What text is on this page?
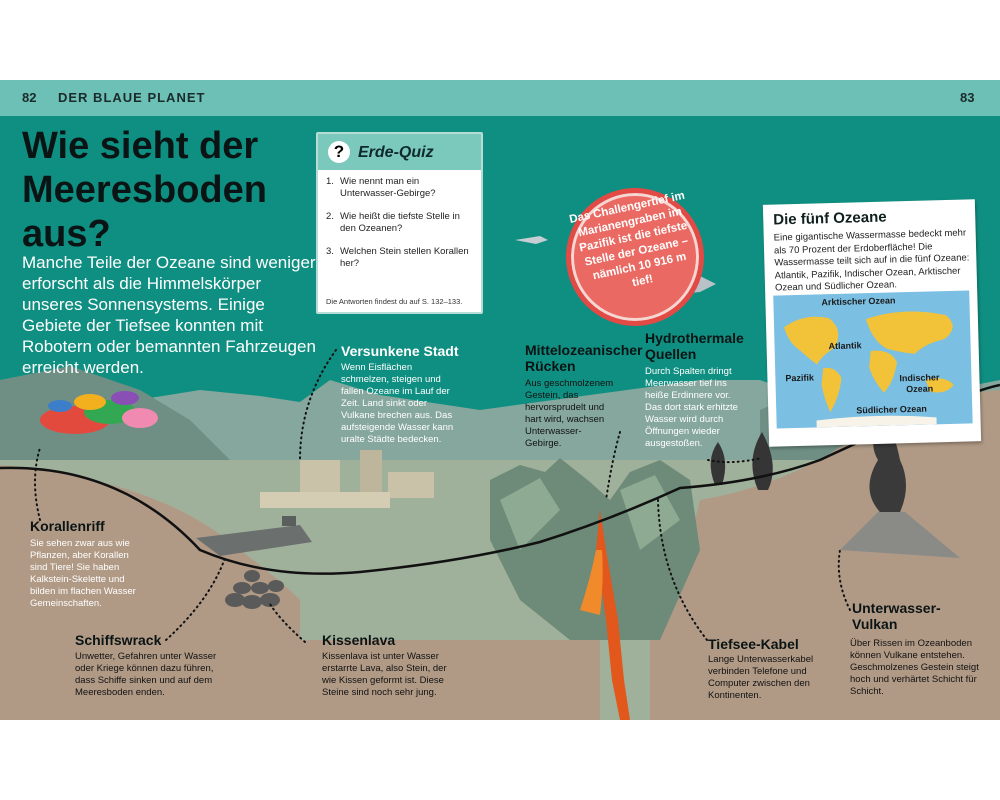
82 DER BLAUE PLANET	83
Wie sieht der Meeresboden aus?
Manche Teile der Ozeane sind weniger erforscht als die Himmelskörper unseres Sonnensystems. Einige Gebiete der Tiefsee konnten mit Robotern oder bemannten Fahrzeugen erreicht werden.
? Erde-Quiz
1. Wie nennt man ein Unterwasser-Gebirge?
2. Wie heißt die tiefste Stelle in den Ozeanen?
3. Welchen Stein stellen Korallen her?
Die Antworten findest du auf S. 132–133.
Das Challengertief im Marianengraben im Pazifik ist die tiefste Stelle der Ozeane – nämlich 10 916 m tief!
Die fünf Ozeane
Eine gigantische Wassermasse bedeckt mehr als 70 Prozent der Erdoberfläche! Die Wassermasse teilt sich auf in die fünf Ozeane: Atlantik, Pazifik, Indischer Ozean, Arktischer Ozean und Südlicher Ozean.
Arktischer Ozean
Atlantik
Pazifik	Indischer Ozean
Südlicher Ozean
Versunkene Stadt
Wenn Eisflächen schmelzen, steigen und fallen Ozeane im Lauf der Zeit. Land sinkt oder Vulkane brechen aus. Das aufsteigende Wasser kann uralte Städte bedecken.
Mittelozeanischer Rücken
Aus geschmolzenem Gestein, das hervorsprudelt und hart wird, wachsen Unterwasser-Gebirge.
Hydrothermale Quellen
Durch Spalten dringt Meerwasser tief ins heiße Erdinnere vor. Das dort stark erhitzte Wasser wird durch Öffnungen wieder ausgestoßen.
Korallenriff
Sie sehen zwar aus wie Pflanzen, aber Korallen sind Tiere! Sie haben Kalkstein-Skelette und bilden im flachen Wasser Gemeinschaften.
Schiffswrack
Unwetter, Gefahren unter Wasser oder Kriege können dazu führen, dass Schiffe sinken und auf dem Meeresboden enden.
Kissenlava
Kissenlava ist unter Wasser erstarrte Lava, also Stein, der wie Kissen geformt ist. Diese Steine sind noch sehr jung.
Tiefsee-Kabel
Lange Unterwasserkabel verbinden Telefone und Computer zwischen den Kontinenten.
Unterwasser-Vulkan
Über Rissen im Ozeanboden können Vulkane entstehen. Geschmolzenes Gestein steigt hoch und verhärtet Schicht für Schicht.
